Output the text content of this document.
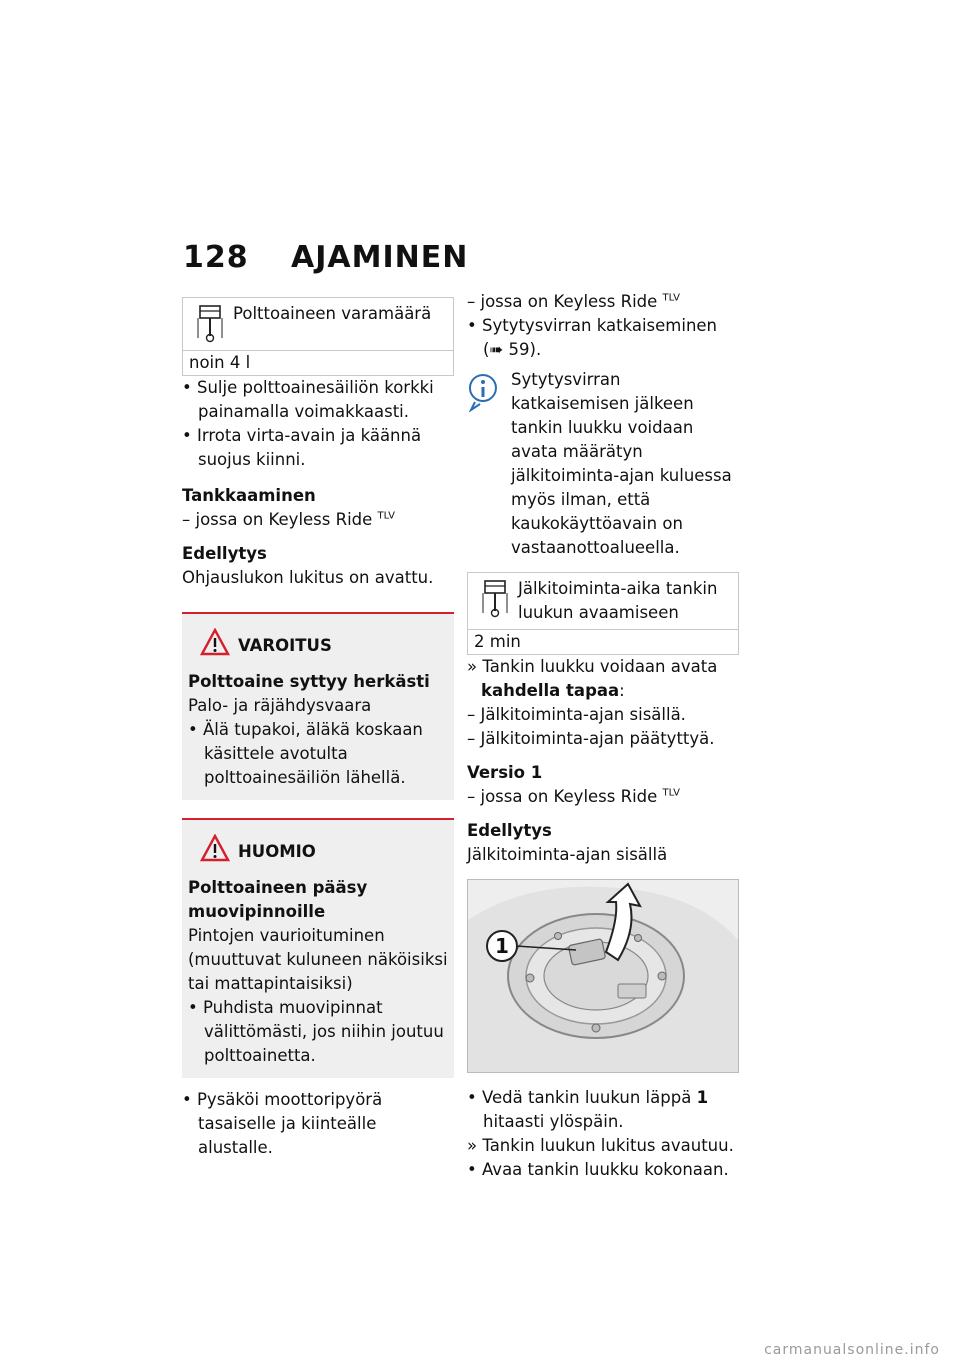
128 AJAMINEN
Polttoaineen varamäärä
noin 4 l

• Sulje polttoainesäiliön korkki painamalla voimakkaasti.

• Irrota virta-avain ja käännä suojus kiinni.

Tankkaaminen

– jossa on Keyless Ride $^{TLV}$

Edellytys

Ohjauslukon lukitus on avattu.

VAROITUS

Polttoaine syttyy herkästi

Palo- ja räjähdysvaara

• Älä tupakoi, äläkä koskaan käsittele avotulta polttoainesäiliön lähellä.

HUOMIO

Polttoaineen pääsy muovipinnoille

Pintojen vaurioituminen (muuttuvat kuluneen näköisiksi tai mattapintaisiksi)

• Puhdista muovipinnat välittömästi, jos niihin joutuu polttoainetta.

• Pysäköi moottoripyörä tasaiselle ja kiinteälle alustalle.

– jossa on Keyless Ride $^{TLV}$

• Sytytysvirran katkaiseminen (➠ 59).

Sytytysvirran katkaisemisen jälkeen tankin luukku voidaan avata määrätyn jälkitoiminta-ajan kuluessa myös ilman, että kaukokäyttöavain on vastaanottoalueella.

Jälkitoiminta-aika tankin luukun avaamiseen
2 min

» Tankin luukku voidaan avata kahdella tapaa:

– Jälkitoiminta-ajan sisällä.

– Jälkitoiminta-ajan päätyttyä.

Versio 1

– jossa on Keyless Ride $^{TLV}$

Edellytys

Jälkitoiminta-ajan sisällä

1

• Vedä tankin luukun läppä 1 hitaasti ylöspäin.

» Tankin luukun lukitus avautuu.

• Avaa tankin luukku kokonaan.

carmanualsonline.info
